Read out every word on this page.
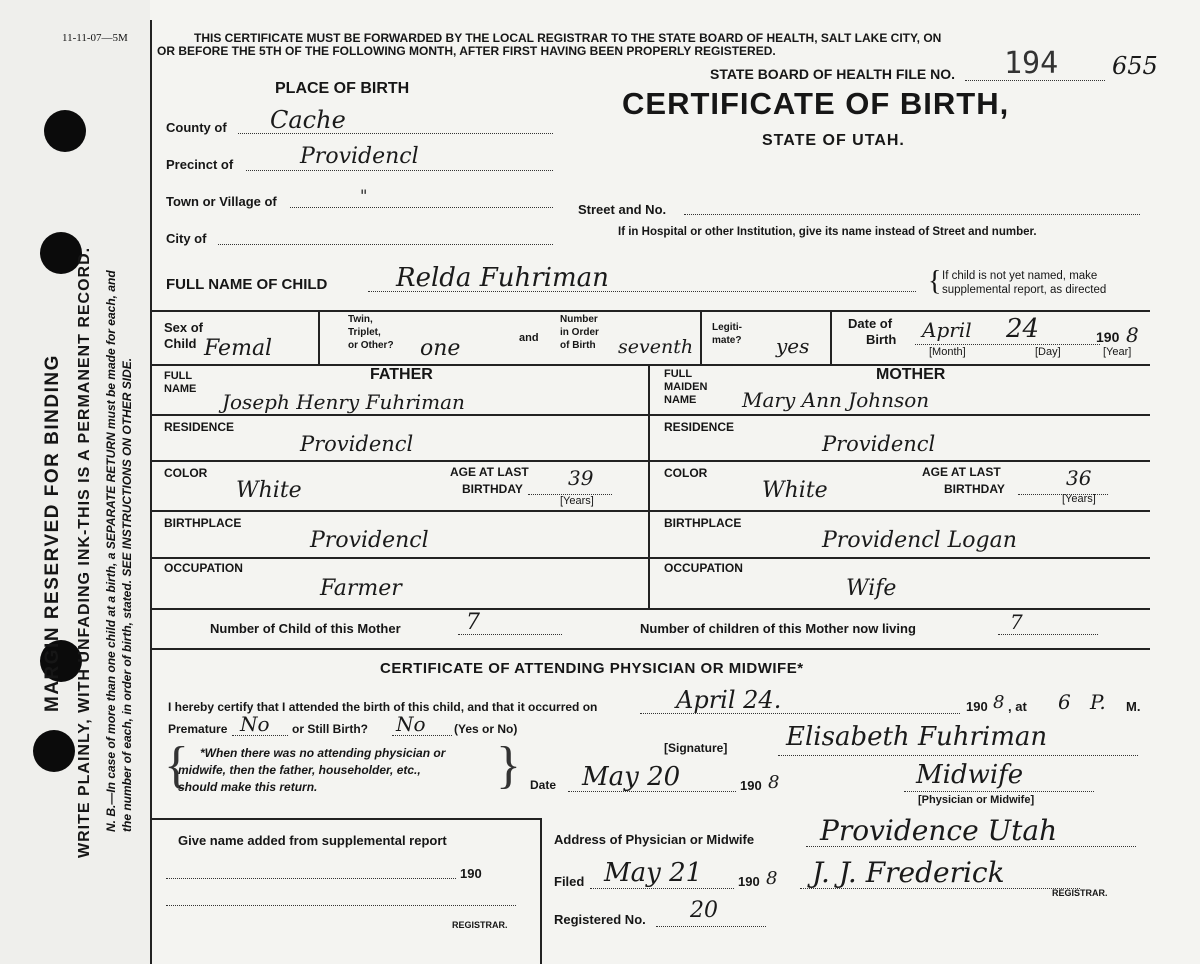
11-11-07—5M
MARGIN RESERVED FOR BINDING WRITE PLAINLY, WITH UNFADING INK-THIS IS A PERMANENT RECORD. N. B.—In case of more than one child at a birth, a SEPARATE RETURN must be made for each, and the number of each, in order of birth, stated. SEE INSTRUCTIONS ON OTHER SIDE.
THIS CERTIFICATE MUST BE FORWARDED BY THE LOCAL REGISTRAR TO THE STATE BOARD OF HEALTH, SALT LAKE CITY, ON
OR BEFORE THE 5TH OF THE FOLLOWING MONTH, AFTER FIRST HAVING BEEN PROPERLY REGISTERED.
STATE BOARD OF HEALTH FILE NO. 194 655
CERTIFICATE OF BIRTH,
STATE OF UTAH.
PLACE OF BIRTH
County of Cache
Precinct of	Providencl
Town or Village of	"
City of
Street and No.
If in Hospital or other Institution, give its name instead of Street and number.
FULL NAME OF CHILD	Relda Fuhriman	{ If child is not yet named, make
supplemental report, as directed
Sex of
Child Femal
Twin,
Triplet,
or Other? one	and
Number
in Order
of Birth seventh
Legiti-
mate? yes
Date of
Birth April 24	190 8
[Month]	[Day]	[Year]
FULL
NAME
FATHER
Joseph Henry Fuhriman
RESIDENCE
Providencl
COLOR
White
AGE AT LAST
BIRTHDAY 39
[Years]
BIRTHPLACE
Providencl
OCCUPATION
Farmer
FULL
MAIDEN
NAME
MOTHER
Mary Ann Johnson
RESIDENCE
Providencl
COLOR
White
AGE AT LAST
BIRTHDAY	36
[Years]
BIRTHPLACE
Providencl Logan
OCCUPATION
Wife
Number of Child of this Mother	7	Number of children of this Mother now living	7
CERTIFICATE OF ATTENDING PHYSICIAN OR MIDWIFE*
I hereby certify that I attended the birth of this child, and that it occurred on	April 24.	190 8 , at 6 P. M.
Premature No or Still Birth? No (Yes or No)
{ *When there was no attending physician or
midwife, then the father, householder, etc.,
should make this return.	}	[Signature] Elisabeth Fuhriman
Date May 20	190 8	Midwife
[Physician or Midwife]
Give name added from supplemental report
190
REGISTRAR.
Address of Physician or Midwife Providence Utah
Filed May 21	190 8 J. J. Frederick
REGISTRAR.
Registered No. 20
